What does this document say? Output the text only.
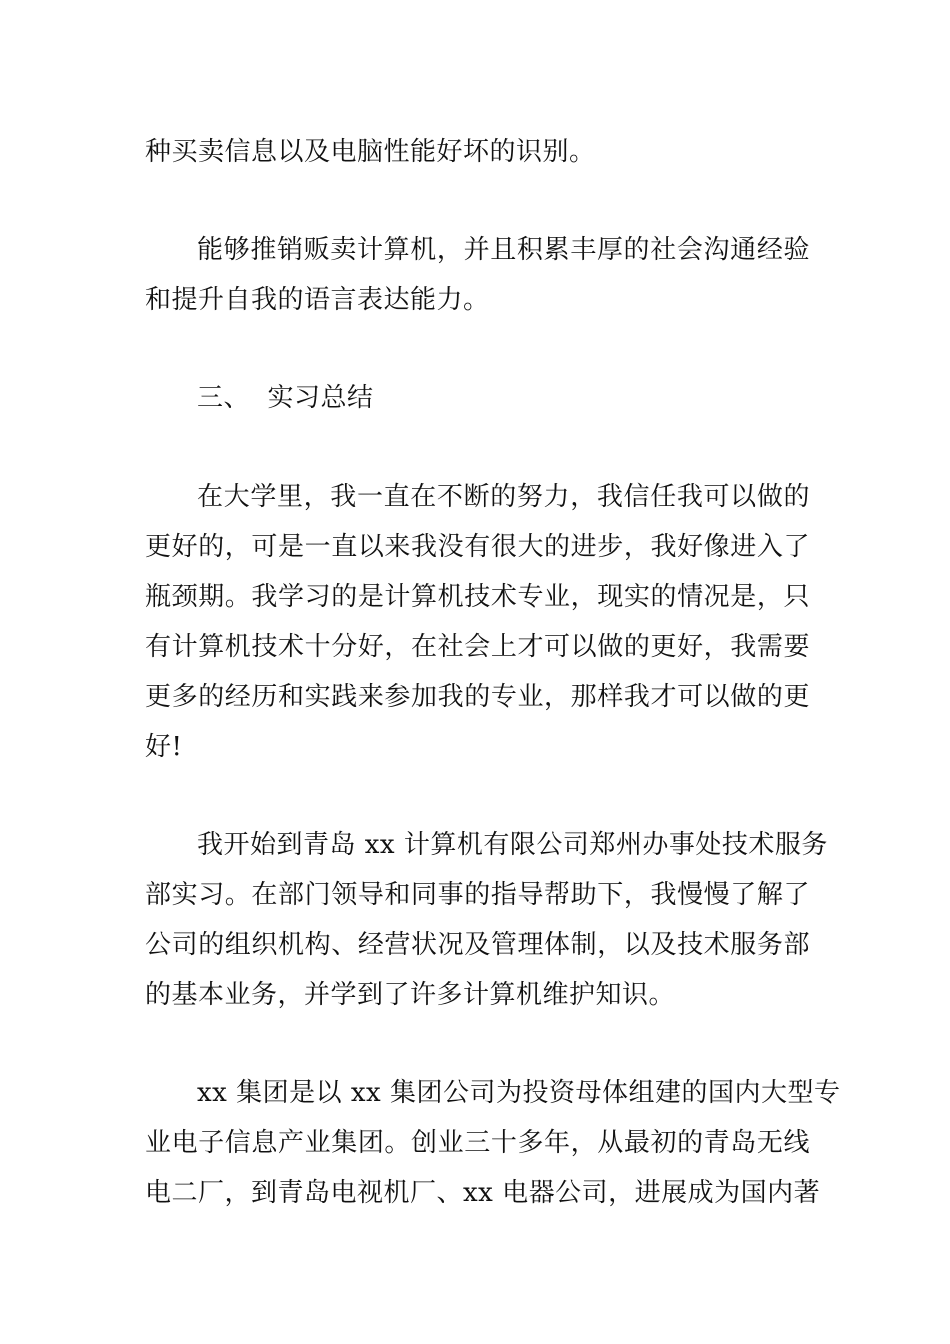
种买卖信息以及电脑性能好坏的识别。
能够推销贩卖计算机，并且积累丰厚的社会沟通经验
和提升自我的语言表达能力。
三、  实习总结
在大学里，我一直在不断的努力，我信任我可以做的
更好的，可是一直以来我没有很大的进步，我好像进入了
瓶颈期。我学习的是计算机技术专业，现实的情况是，只
有计算机技术十分好，在社会上才可以做的更好，我需要
更多的经历和实践来参加我的专业，那样我才可以做的更
好!
我开始到青岛 xx 计算机有限公司郑州办事处技术服务
部实习。在部门领导和同事的指导帮助下，我慢慢了解了
公司的组织机构、经营状况及管理体制，以及技术服务部
的基本业务，并学到了许多计算机维护知识。
xx 集团是以 xx 集团公司为投资母体组建的国内大型专
业电子信息产业集团。创业三十多年，从最初的青岛无线
电二厂，到青岛电视机厂、xx 电器公司，进展成为国内著
